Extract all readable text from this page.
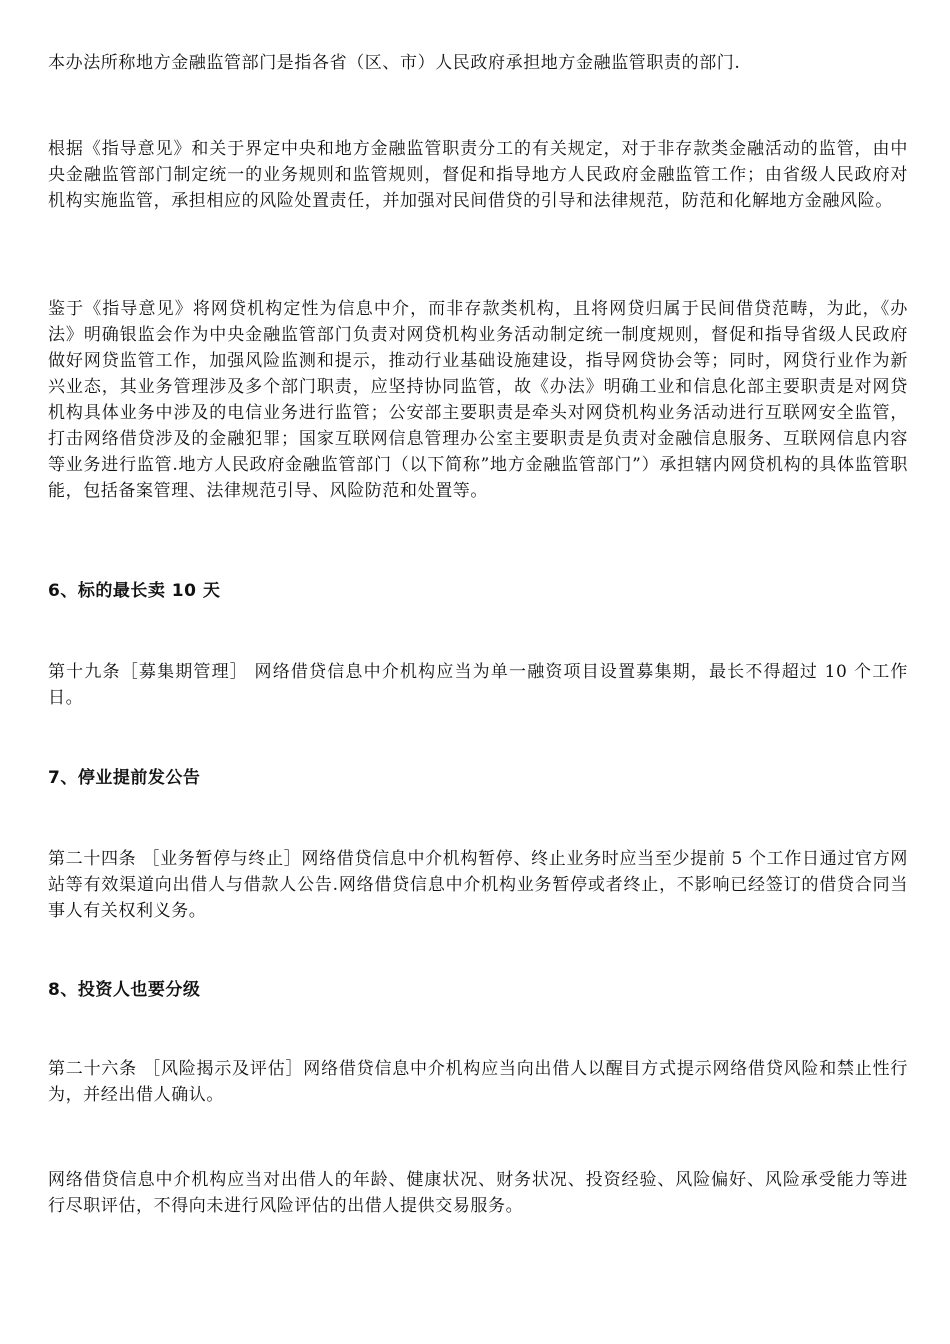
本办法所称地方金融监管部门是指各省（区、市）人民政府承担地方金融监管职责的部门.

根据《指导意见》和关于界定中央和地方金融监管职责分工的有关规定，对于非存款类金融活动的监管，由中央金融监管部门制定统一的业务规则和监管规则，督促和指导地方人民政府金融监管工作；由省级人民政府对机构实施监管，承担相应的风险处置责任，并加强对民间借贷的引导和法律规范，防范和化解地方金融风险。

鉴于《指导意见》将网贷机构定性为信息中介，而非存款类机构，且将网贷归属于民间借贷范畴，为此，《办法》明确银监会作为中央金融监管部门负责对网贷机构业务活动制定统一制度规则，督促和指导省级人民政府做好网贷监管工作，加强风险监测和提示，推动行业基础设施建设，指导网贷协会等；同时，网贷行业作为新兴业态，其业务管理涉及多个部门职责，应坚持协同监管，故《办法》明确工业和信息化部主要职责是对网贷机构具体业务中涉及的电信业务进行监管；公安部主要职责是牵头对网贷机构业务活动进行互联网安全监管，打击网络借贷涉及的金融犯罪；国家互联网信息管理办公室主要职责是负责对金融信息服务、互联网信息内容等业务进行监管.地方人民政府金融监管部门（以下简称”地方金融监管部门”）承担辖内网贷机构的具体监管职能，包括备案管理、法律规范引导、风险防范和处置等。

6、标的最长卖 10 天

第十九条［募集期管理］ 网络借贷信息中介机构应当为单一融资项目设置募集期，最长不得超过 10 个工作日。

7、停业提前发公告

第二十四条 ［业务暂停与终止］网络借贷信息中介机构暂停、终止业务时应当至少提前 5 个工作日通过官方网站等有效渠道向出借人与借款人公告.网络借贷信息中介机构业务暂停或者终止，不影响已经签订的借贷合同当事人有关权利义务。

8、投资人也要分级

第二十六条 ［风险揭示及评估］网络借贷信息中介机构应当向出借人以醒目方式提示网络借贷风险和禁止性行为，并经出借人确认。

网络借贷信息中介机构应当对出借人的年龄、健康状况、财务状况、投资经验、风险偏好、风险承受能力等进行尽职评估，不得向未进行风险评估的出借人提供交易服务。
